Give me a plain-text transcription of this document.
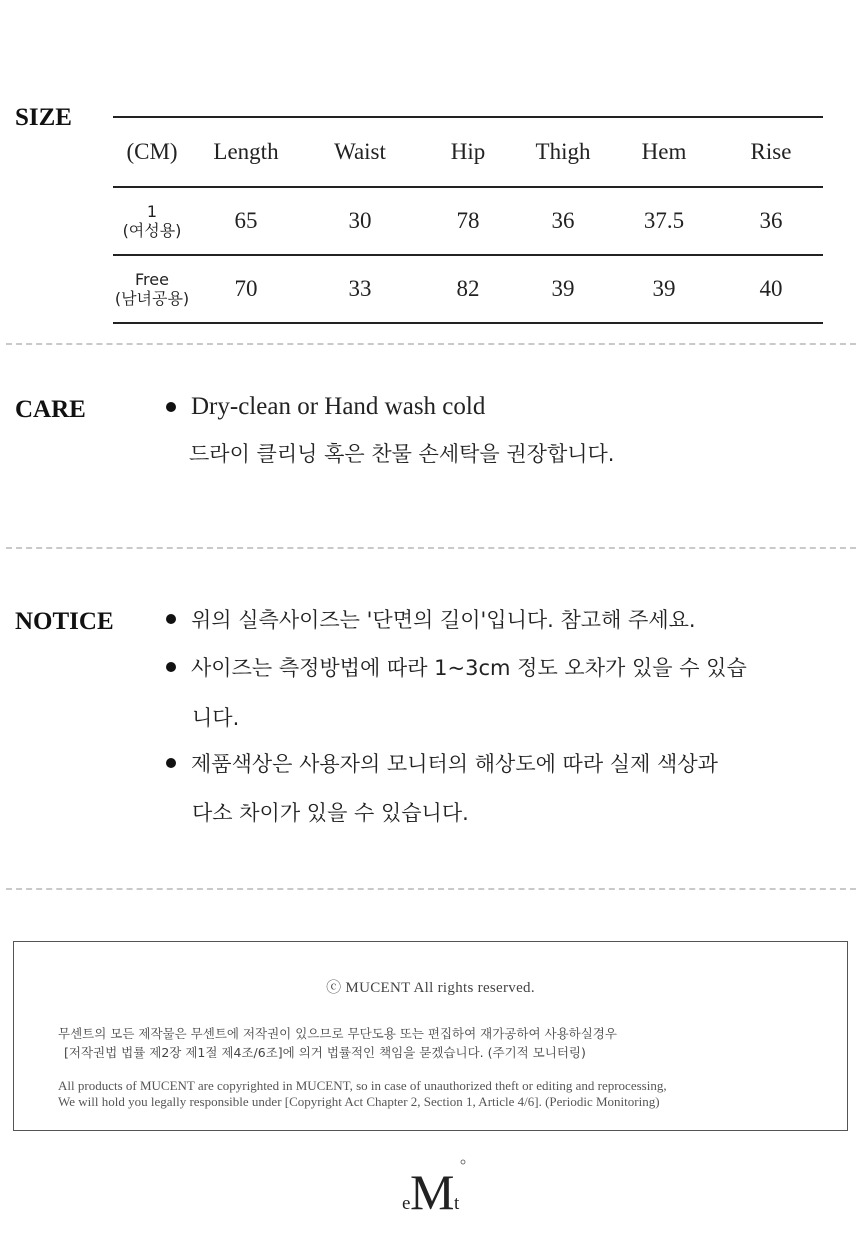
SIZE
(CM)	Length	Waist	Hip	Thigh	Hem	Rise
1
(여성용)	65	30	78	36	37.5	36
Free
(남녀공용)	70	33	82	39	39	40
CARE	Dry-clean or Hand wash cold
드라이 클리닝 혹은 찬물 손세탁을 권장합니다.
NOTICE	위의 실측사이즈는 '단면의 길이'입니다. 참고해 주세요.
사이즈는 측정방법에 따라 1~3cm 정도 오차가 있을 수 있습
니다.
제품색상은 사용자의 모니터의 해상도에 따라 실제 색상과
다소 차이가 있을 수 있습니다.
ⓒ MUCENT All rights reserved.
무센트의 모든 제작물은 무센트에 저작권이 있으므로 무단도용 또는 편집하여 재가공하여 사용하실경우
[저작권법 법률 제2장 제1절 제4조/6조]에 의거 법률적인 책임을 묻겠습니다. (주기적 모니터링)
All products of MUCENT are copyrighted in MUCENT, so in case of unauthorized theft or editing and reprocessing,
We will hold you legally responsible under [Copyright Act Chapter 2, Section 1, Article 4/6]. (Periodic Monitoring)
e M t
